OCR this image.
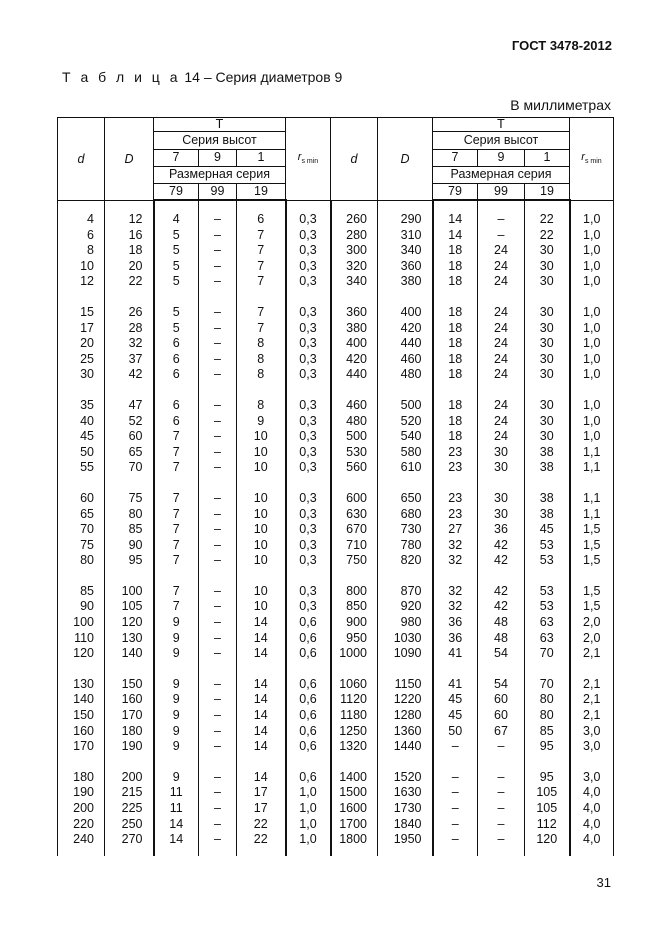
ГОСТ 3478-2012
Т а б л и ц а 14 – Серия диаметров 9
В миллиметрах
d	D	T			$r_{s min}$	d	D	T			$r_{s min}$
		Серия высот						Серия высот			
		7	9	1				7	9	1	
		Размерная серия						Размерная серия			
		79	99	19				79	99	19	

4	12	4	–	6	0,3	260	290	14	–	22	1,0
6	16	5	–	7	0,3	280	310	14	–	22	1,0
8	18	5	–	7	0,3	300	340	18	24	30	1,0
10	20	5	–	7	0,3	320	360	18	24	30	1,0
12	22	5	–	7	0,3	340	380	18	24	30	1,0

15	26	5	–	7	0,3	360	400	18	24	30	1,0
17	28	5	–	7	0,3	380	420	18	24	30	1,0
20	32	6	–	8	0,3	400	440	18	24	30	1,0
25	37	6	–	8	0,3	420	460	18	24	30	1,0
30	42	6	–	8	0,3	440	480	18	24	30	1,0

35	47	6	–	8	0,3	460	500	18	24	30	1,0
40	52	6	–	9	0,3	480	520	18	24	30	1,0
45	60	7	–	10	0,3	500	540	18	24	30	1,0
50	65	7	–	10	0,3	530	580	23	30	38	1,1
55	70	7	–	10	0,3	560	610	23	30	38	1,1

60	75	7	–	10	0,3	600	650	23	30	38	1,1
65	80	7	–	10	0,3	630	680	23	30	38	1,1
70	85	7	–	10	0,3	670	730	27	36	45	1,5
75	90	7	–	10	0,3	710	780	32	42	53	1,5
80	95	7	–	10	0,3	750	820	32	42	53	1,5

85	100	7	–	10	0,3	800	870	32	42	53	1,5
90	105	7	–	10	0,3	850	920	32	42	53	1,5
100	120	9	–	14	0,6	900	980	36	48	63	2,0
110	130	9	–	14	0,6	950	1030	36	48	63	2,0
120	140	9	–	14	0,6	1000	1090	41	54	70	2,1

130	150	9	–	14	0,6	1060	1150	41	54	70	2,1
140	160	9	–	14	0,6	1120	1220	45	60	80	2,1
150	170	9	–	14	0,6	1180	1280	45	60	80	2,1
160	180	9	–	14	0,6	1250	1360	50	67	85	3,0
170	190	9	–	14	0,6	1320	1440	–	–	95	3,0

180	200	9	–	14	0,6	1400	1520	–	–	95	3,0
190	215	11	–	17	1,0	1500	1630	–	–	105	4,0
200	225	11	–	17	1,0	1600	1730	–	–	105	4,0
220	250	14	–	22	1,0	1700	1840	–	–	112	4,0
240	270	14	–	22	1,0	1800	1950	–	–	120	4,0

31
